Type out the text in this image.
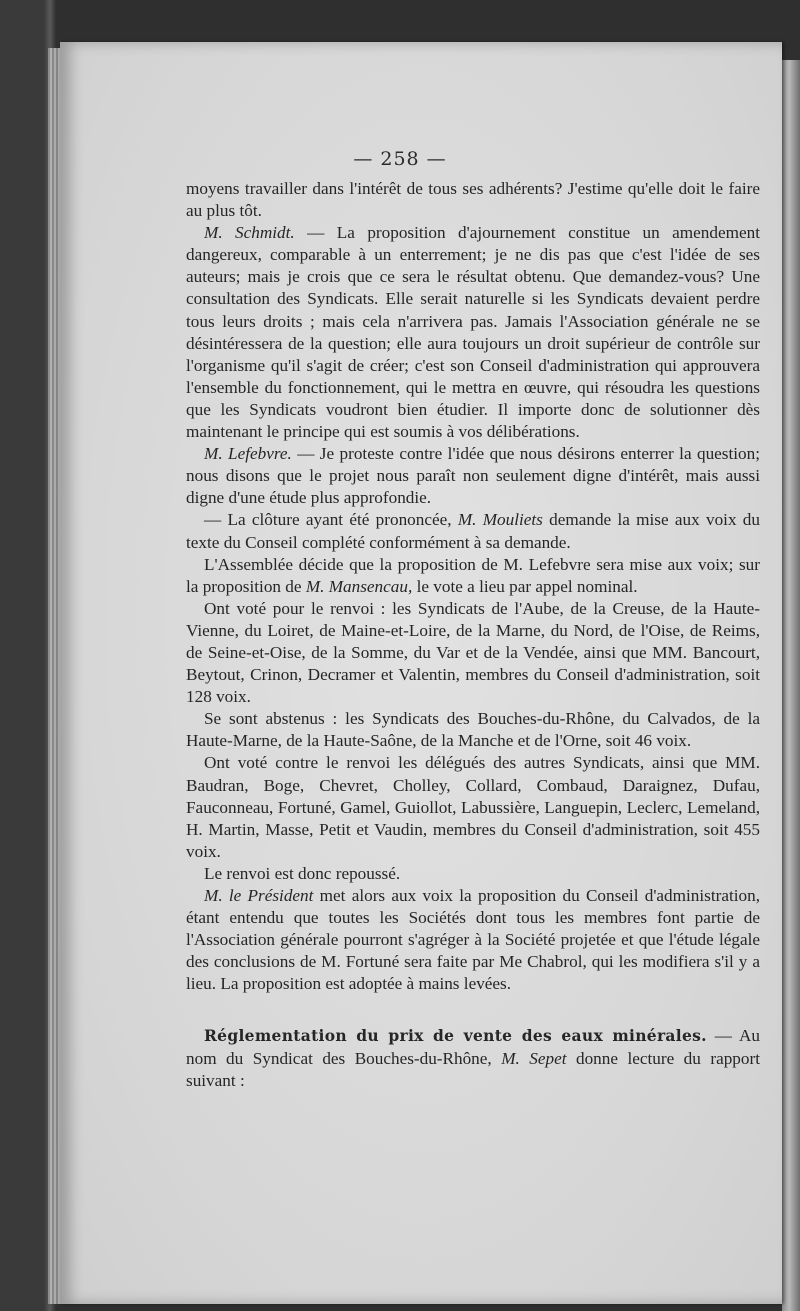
— 258 —

moyens travailler dans l'intérêt de tous ses adhérents? J'estime qu'elle doit le faire au plus tôt.

M. Schmidt. — La proposition d'ajournement constitue un amendement dangereux, comparable à un enterrement; je ne dis pas que c'est l'idée de ses auteurs; mais je crois que ce sera le résultat obtenu. Que demandez-vous? Une consultation des Syndicats. Elle serait naturelle si les Syndicats devaient perdre tous leurs droits ; mais cela n'arrivera pas. Jamais l'Association générale ne se désintéressera de la question; elle aura toujours un droit supérieur de contrôle sur l'organisme qu'il s'agit de créer; c'est son Conseil d'administration qui approuvera l'ensemble du fonctionnement, qui le mettra en œuvre, qui résoudra les questions que les Syndicats voudront bien étudier. Il importe donc de solutionner dès maintenant le principe qui est soumis à vos délibérations.

M. Lefebvre. — Je proteste contre l'idée que nous désirons enterrer la question; nous disons que le projet nous paraît non seulement digne d'intérêt, mais aussi digne d'une étude plus approfondie.

— La clôture ayant été prononcée, M. Mouliets demande la mise aux voix du texte du Conseil complété conformément à sa demande.

L'Assemblée décide que la proposition de M. Lefebvre sera mise aux voix; sur la proposition de M. Mansencau, le vote a lieu par appel nominal.

Ont voté pour le renvoi : les Syndicats de l'Aube, de la Creuse, de la Haute-Vienne, du Loiret, de Maine-et-Loire, de la Marne, du Nord, de l'Oise, de Reims, de Seine-et-Oise, de la Somme, du Var et de la Vendée, ainsi que MM. Bancourt, Beytout, Crinon, Decramer et Valentin, membres du Conseil d'administration, soit 128 voix.

Se sont abstenus : les Syndicats des Bouches-du-Rhône, du Calvados, de la Haute-Marne, de la Haute-Saône, de la Manche et de l'Orne, soit 46 voix.

Ont voté contre le renvoi les délégués des autres Syndicats, ainsi que MM. Baudran, Boge, Chevret, Cholley, Collard, Combaud, Daraignez, Dufau, Fauconneau, Fortuné, Gamel, Guiollot, Labussière, Languepin, Leclerc, Lemeland, H. Martin, Masse, Petit et Vaudin, membres du Conseil d'administration, soit 455 voix.

Le renvoi est donc repoussé.

M. le Président met alors aux voix la proposition du Conseil d'administration, étant entendu que toutes les Sociétés dont tous les membres font partie de l'Association générale pourront s'agréger à la Société projetée et que l'étude légale des conclusions de M. Fortuné sera faite par Me Chabrol, qui les modifiera s'il y a lieu. La proposition est adoptée à mains levées.

Réglementation du prix de vente des eaux minérales. — Au nom du Syndicat des Bouches-du-Rhône, M. Sepet donne lecture du rapport suivant :
